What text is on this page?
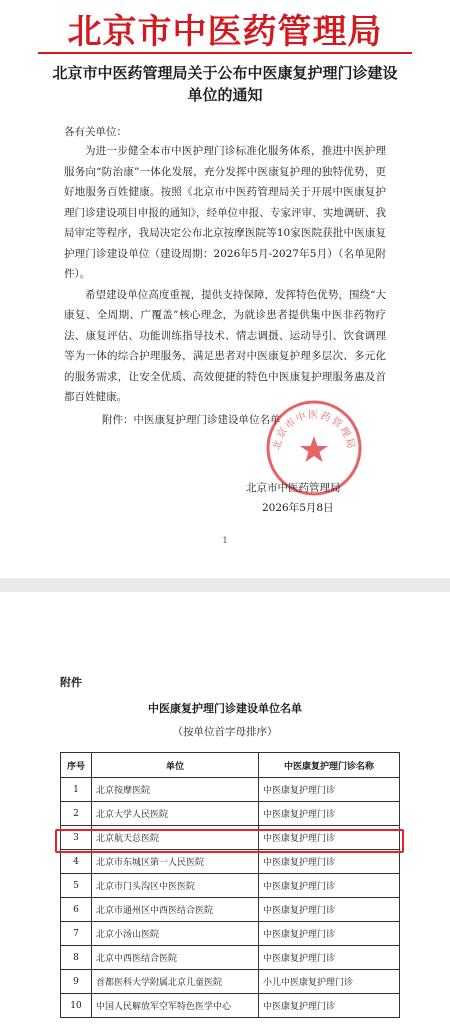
北京市中医药管理局
北京市中医药管理局关于公布中医康复护理门诊建设单位的通知
各有关单位：

为进一步健全本市中医护理门诊标准化服务体系，推进中医护理服务向“防治康”一体化发展，充分发挥中医康复护理的独特优势，更好地服务百姓健康。按照《北京市中医药管理局关于开展中医康复护理门诊建设项目申报的通知》，经单位申报、专家评审、实地调研、我局审定等程序，我局决定公布北京按摩医院等10家医院获批中医康复护理门诊建设单位（建设周期：2026年5月-2027年5月）（名单见附件）。

希望建设单位高度重视，提供支持保障，发挥特色优势，围绕“大康复、全周期、广覆盖”核心理念，为就诊患者提供集中医非药物疗法、康复评估、功能训练指导技术、情志调摄、运动导引、饮食调理等为一体的综合护理服务，满足患者对中医康复护理多层次、多元化的服务需求，让安全优质、高效便捷的特色中医康复护理服务惠及首都百姓健康。

附件：中医康复护理门诊建设单位名单
北京市中医药管理局
北京市中医药管理局
2026年5月8日
1
附件
中医康复护理门诊建设单位名单
（按单位首字母排序）
序号	单位	中医康复护理门诊名称
1	北京按摩医院	中医康复护理门诊
2	北京大学人民医院	中医康复护理门诊
3	北京航天总医院	中医康复护理门诊
4	北京市东城区第一人民医院	中医康复护理门诊
5	北京市门头沟区中医医院	中医康复护理门诊
6	北京市通州区中西医结合医院	中医康复护理门诊
7	北京小汤山医院	中医康复护理门诊
8	北京中西医结合医院	中医康复护理门诊
9	首都医科大学附属北京儿童医院	小儿中医康复护理门诊
10	中国人民解放军空军特色医学中心	中医康复护理门诊
